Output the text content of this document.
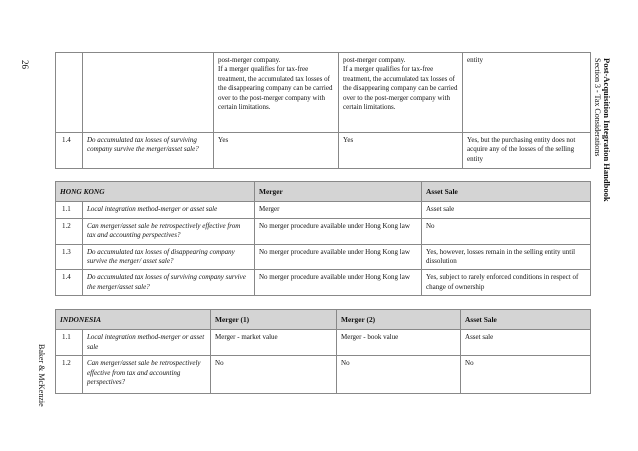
26
Baker & McKenzie
Post-Acquisition Integration Handbook
Section 3 - Tax Considerations
		post-merger company.
If a merger qualifies for tax-free treatment, the accumulated tax losses of the disappearing company can be carried over to the post-merger company with certain limitations.	post-merger company.
If a merger qualifies for tax-free treatment, the accumulated tax losses of the disappearing company can be carried over to the post-merger company with certain limitations.	entity
1.4	Do accumulated tax losses of surviving company survive the merger/asset sale?	Yes	Yes	Yes, but the purchasing entity does not acquire any of the losses of the selling entity
HONG KONG		Merger	Asset Sale
1.1	Local integration method-merger or asset sale	Merger	Asset sale
1.2	Can merger/asset sale be retrospectively effective from tax and accounting perspectives?	No merger procedure available under Hong Kong law	No
1.3	Do accumulated tax losses of disappearing company survive the merger/ asset sale?	No merger procedure available under Hong Kong law	Yes, however, losses remain in the selling entity until dissolution
1.4	Do accumulated tax losses of surviving company survive the merger/asset sale?	No merger procedure available under Hong Kong law	Yes, subject to rarely enforced conditions in respect of change of ownership
INDONESIA		Merger (1)	Merger (2)	Asset Sale
1.1	Local integration method-merger or asset sale	Merger - market value	Merger - book value	Asset sale
1.2	Can merger/asset sale be retrospectively effective from tax and accounting perspectives?	No	No	No
